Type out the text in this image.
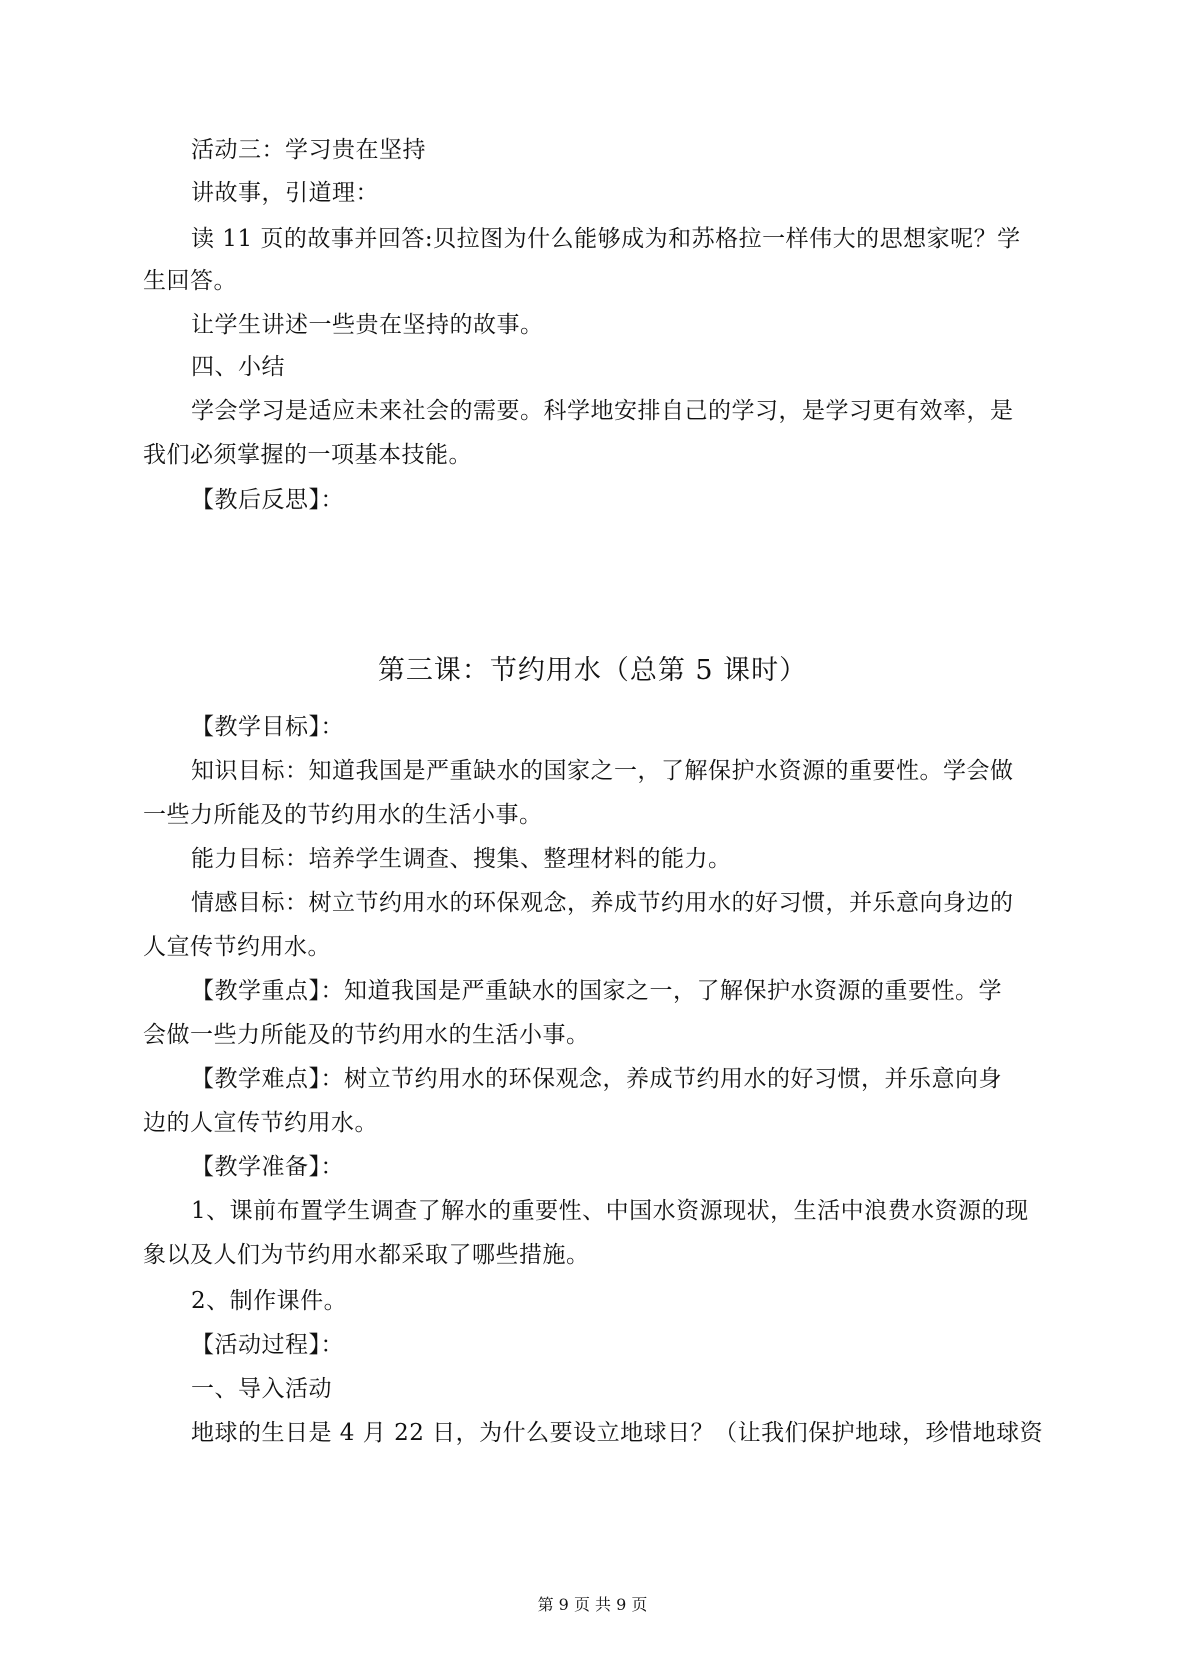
活动三：学习贵在坚持
讲故事，引道理：
读 11 页的故事并回答:贝拉图为什么能够成为和苏格拉一样伟大的思想家呢？学
生回答。
让学生讲述一些贵在坚持的故事。
四、小结
学会学习是适应未来社会的需要。科学地安排自己的学习，是学习更有效率，是
我们必须掌握的一项基本技能。
【教后反思】：
第三课：节约用水（总第 5 课时）
【教学目标】：
知识目标：知道我国是严重缺水的国家之一，了解保护水资源的重要性。学会做
一些力所能及的节约用水的生活小事。
能力目标：培养学生调查、搜集、整理材料的能力。
情感目标：树立节约用水的环保观念，养成节约用水的好习惯，并乐意向身边的
人宣传节约用水。
【教学重点】：知道我国是严重缺水的国家之一，了解保护水资源的重要性。学
会做一些力所能及的节约用水的生活小事。
【教学难点】：树立节约用水的环保观念，养成节约用水的好习惯，并乐意向身
边的人宣传节约用水。
【教学准备】：
1、课前布置学生调查了解水的重要性、中国水资源现状，生活中浪费水资源的现
象以及人们为节约用水都采取了哪些措施。
2、制作课件。
【活动过程】：
一、导入活动
地球的生日是 4 月 22 日，为什么要设立地球日？（让我们保护地球，珍惜地球资
第 9 页 共 9 页
